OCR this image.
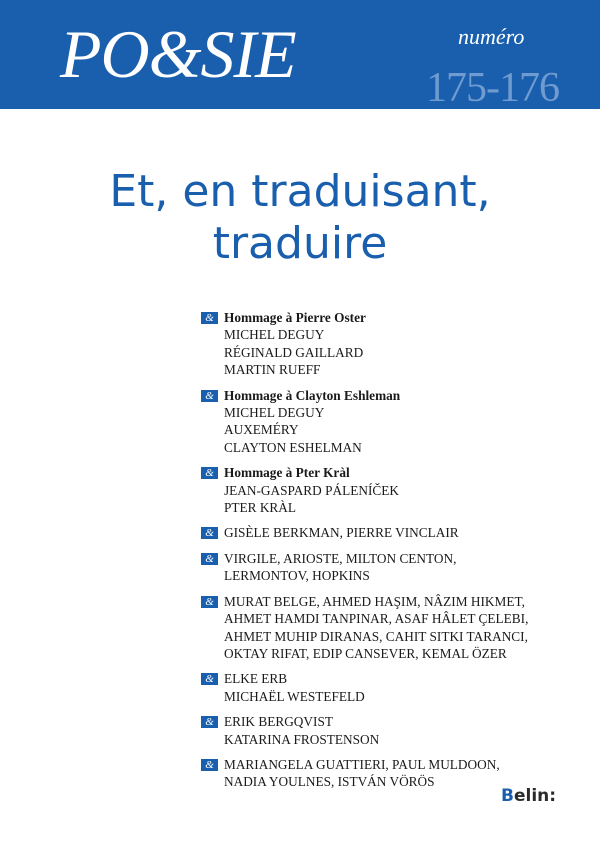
PO&SIE	numéro
175-176
Et, en traduisant,
traduire
& Hommage à Pierre Oster
MICHEL DEGUY
RÉGINALD GAILLARD
MARTIN RUEFF
& Hommage à Clayton Eshleman
MICHEL DEGUY
AUXEMÉRY
CLAYTON ESHELMAN
& Hommage à Pter Kràl
JEAN-GASPARD PÁLENÍČEK
PTER KRÀL
& GISÈLE BERKMAN, PIERRE VINCLAIR
& VIRGILE, ARIOSTE, MILTON CENTON,
LERMONTOV, HOPKINS
& MURAT BELGE, AHMED HAŞIM, NÂZIM HIKMET,
AHMET HAMDI TANPINAR, ASAF HÂLET ÇELEBI,
AHMET MUHIP DIRANAS, CAHIT SITKI TARANCI,
OKTAY RIFAT, EDIP CANSEVER, KEMAL ÖZER
& ELKE ERB
MICHAËL WESTEFELD
& ERIK BERGQVIST
KATARINA FROSTENSON
& MARIANGELA GUATTIERI, PAUL MULDOON,
NADIA YOULNES, ISTVÁN VÖRÖS
Belin:
